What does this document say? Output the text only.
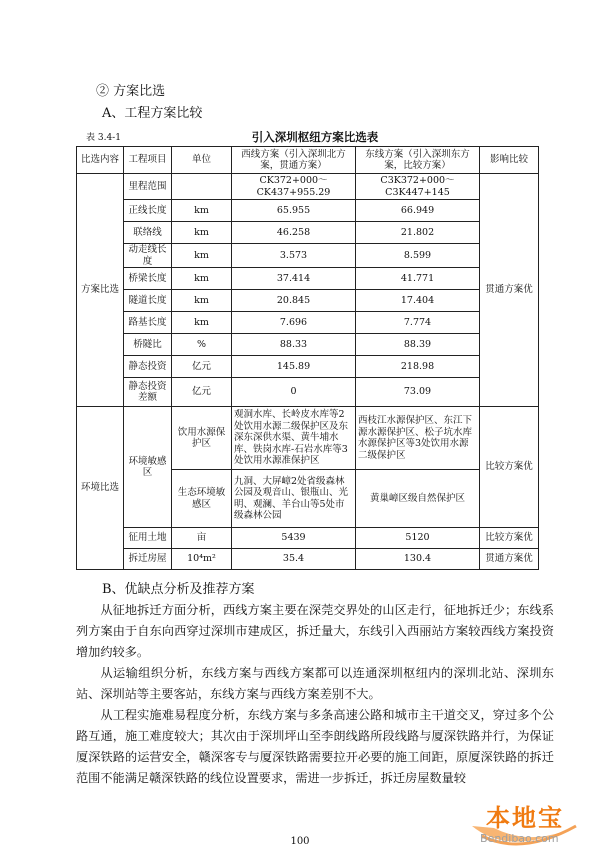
② 方案比选
A、工程方案比较
表 3.4-1	引入深圳枢纽方案比选表
比选内容	工程项目	单位	西线方案（引入深圳北方案，贯通方案）	东线方案（引入深圳东方案，比较方案）	影响比较
方案比选	里程范围		CK372+000～CK437+955.29	C3K372+000～C3K447+145	贯通方案优
	正线长度	km	65.955	66.949	
	联络线	km	46.258	21.802	
	动走线长度	km	3.573	8.599	
	桥梁长度	km	37.414	41.771	
	隧道长度	km	20.845	17.404	
	路基长度	km	7.696	7.774	
	桥隧比	%	88.33	88.39	
	静态投资	亿元	145.89	218.98	
	静态投资差额	亿元	0	73.09	
环境比选	环境敏感区	饮用水源保护区	观洞水库、长岭皮水库等2处饮用水源二级保护区及东深东深供水渠、黄牛埔水库、铁岗水库-石岩水库等3处饮用水源准保护区	西枝江水源保护区、东江下源水源保护区、松子坑水库水源保护区等3处饮用水源二级保护区	比较方案优
		生态环境敏感区	九洞、大屏嶂2处省级森林公园及观音山、银瓶山、光明、观澜、羊台山等5处市级森林公园	黄巢嶂区级自然保护区	
	征用土地	亩	5439	5120	比较方案优
	拆迁房屋	10⁴m²	35.4	130.4	贯通方案优
B、优缺点分析及推荐方案

从征地拆迁方面分析，西线方案主要在深莞交界处的山区走行，征地拆迁少；东线系列方案由于自东向西穿过深圳市建成区，拆迁量大，东线引入西丽站方案较西线方案投资增加约较多。

从运输组织分析，东线方案与西线方案都可以连通深圳枢纽内的深圳北站、深圳东站、深圳站等主要客站，东线方案与西线方案差别不大。

从工程实施难易程度分析，东线方案与多条高速公路和城市主干道交叉，穿过多个公路互通，施工难度较大；其次由于深圳坪山至李朗线路所段线路与厦深铁路并行，为保证厦深铁路的运营安全，赣深客专与厦深铁路需要拉开必要的施工间距，原厦深铁路的拆迁范围不能满足赣深铁路的线位设置要求，需进一步拆迁，拆迁房屋数量较

100
本地宝
Bendibao.com
